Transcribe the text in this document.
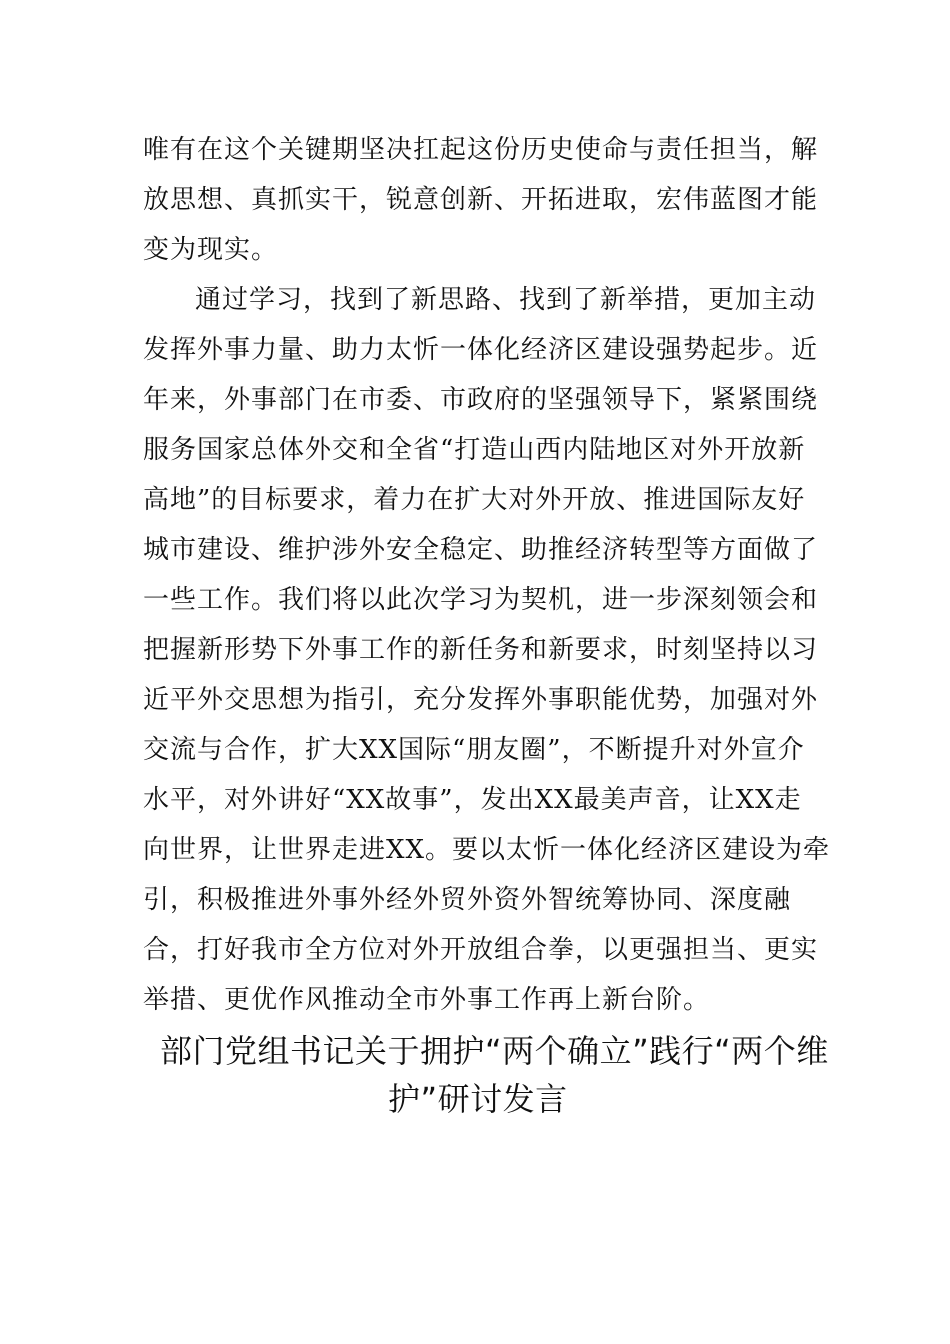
唯有在这个关键期坚决扛起这份历史使命与责任担当，解
放思想、真抓实干，锐意创新、开拓进取，宏伟蓝图才能
变为现实。
通过学习，找到了新思路、找到了新举措，更加主动
发挥外事力量、助力太忻一体化经济区建设强势起步。近
年来，外事部门在市委、市政府的坚强领导下，紧紧围绕
服务国家总体外交和全省“打造山西内陆地区对外开放新
高地”的目标要求，着力在扩大对外开放、推进国际友好
城市建设、维护涉外安全稳定、助推经济转型等方面做了
一些工作。我们将以此次学习为契机，进一步深刻领会和
把握新形势下外事工作的新任务和新要求，时刻坚持以习
近平外交思想为指引，充分发挥外事职能优势，加强对外
交流与合作，扩大XX国际“朋友圈”，不断提升对外宣介
水平，对外讲好“XX故事”，发出XX最美声音，让XX走
向世界，让世界走进XX。要以太忻一体化经济区建设为牵
引，积极推进外事外经外贸外资外智统筹协同、深度融
合，打好我市全方位对外开放组合拳，以更强担当、更实
举措、更优作风推动全市外事工作再上新台阶。
部门党组书记关于拥护“两个确立”践行“两个维
护”研讨发言
